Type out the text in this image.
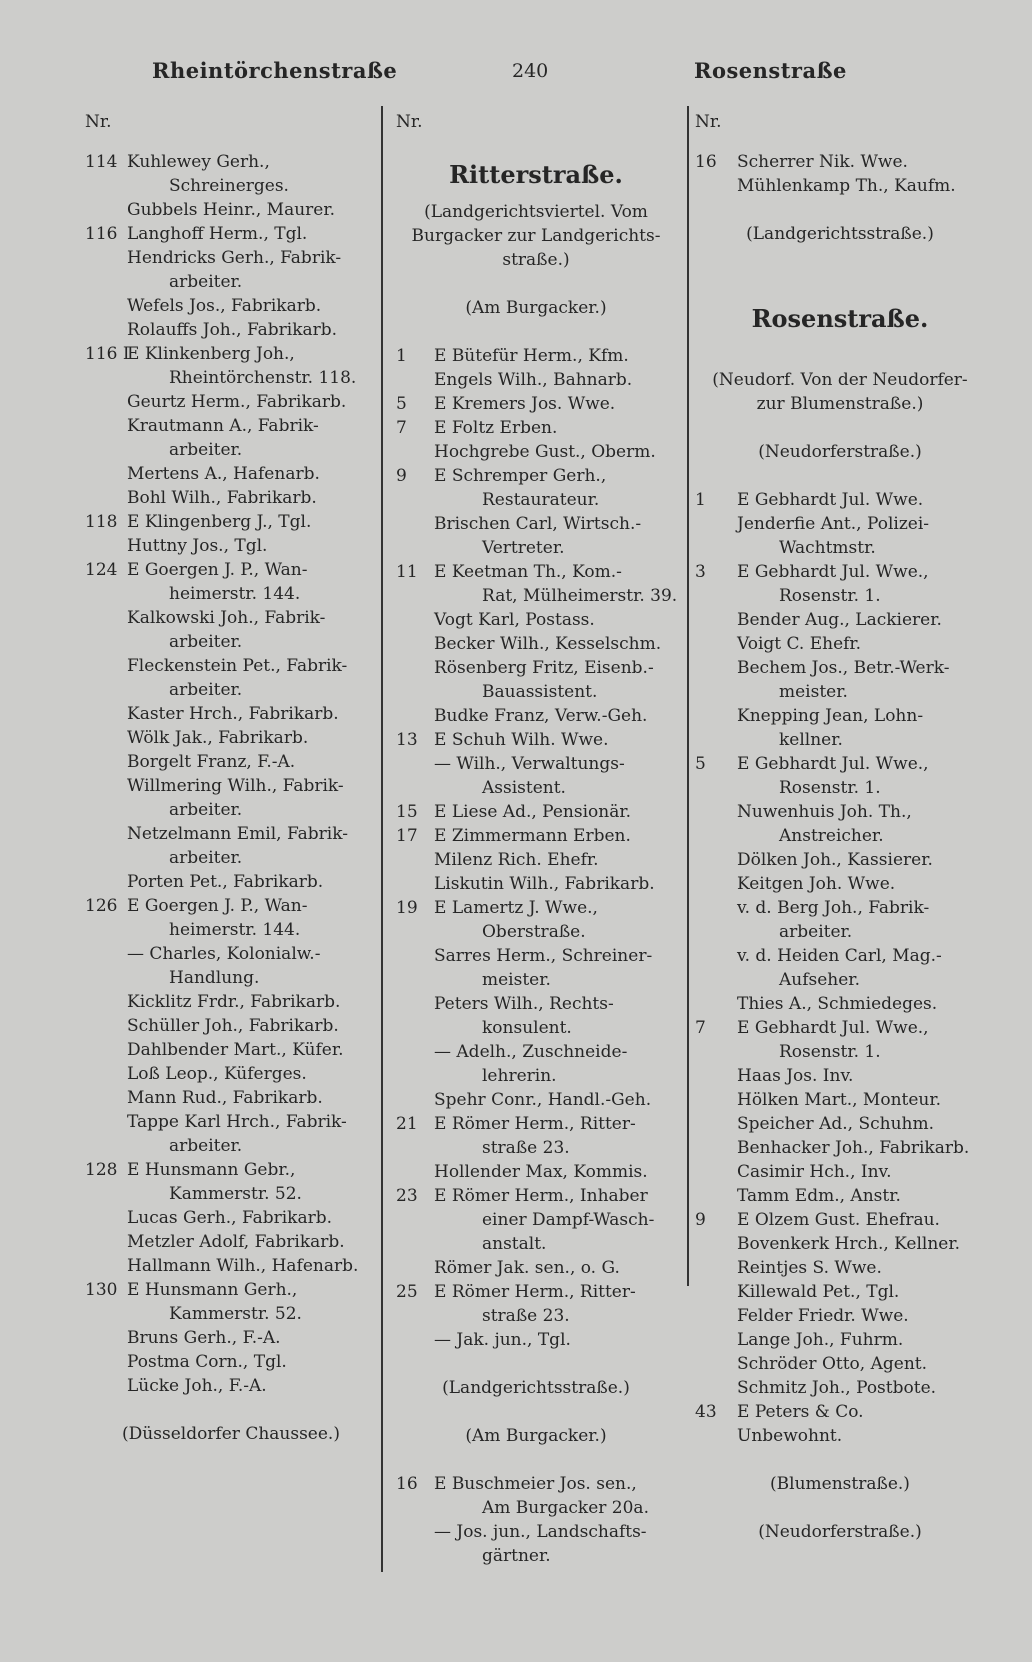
Rheintörchenstraße	240	Rosenstraße
Nr.
114 Kuhlewey Gerh.,
Schreinerges.
Gubbels Heinr., Maurer.
116 Langhoff Herm., Tgl.
Hendricks Gerh., Fabrik-
arbeiter.
Wefels Jos., Fabrikarb.
Rolauffs Joh., Fabrikarb.
116 I
E Klinkenberg Joh.,
Rheintörchenstr. 118.
Geurtz Herm., Fabrikarb.
Krautmann A., Fabrik-
arbeiter.
Mertens A., Hafenarb.
Bohl Wilh., Fabrikarb.
118 E Klingenberg J., Tgl.
Huttny Jos., Tgl.
124 E Goergen J. P., Wan-
heimerstr. 144.
Kalkowski Joh., Fabrik-
arbeiter.
Fleckenstein Pet., Fabrik-
arbeiter.
Kaster Hrch., Fabrikarb.
Wölk Jak., Fabrikarb.
Borgelt Franz, F.-A.
Willmering Wilh., Fabrik-
arbeiter.
Netzelmann Emil, Fabrik-
arbeiter.
Porten Pet., Fabrikarb.
126 E Goergen J. P., Wan-
heimerstr. 144.
— Charles, Kolonialw.-
Handlung.
Kicklitz Frdr., Fabrikarb.
Schüller Joh., Fabrikarb.
Dahlbender Mart., Küfer.
Loß Leop., Küferges.
Mann Rud., Fabrikarb.
Tappe Karl Hrch., Fabrik-
arbeiter.
128 E Hunsmann Gebr.,
Kammerstr. 52.
Lucas Gerh., Fabrikarb.
Metzler Adolf, Fabrikarb.
Hallmann Wilh., Hafenarb.
130 E Hunsmann Gerh.,
Kammerstr. 52.
Bruns Gerh., F.-A.
Postma Corn., Tgl.
Lücke Joh., F.-A.
(Düsseldorfer Chaussee.)
Nr.
Ritterstraße.
(Landgerichtsviertel. Vom
Burgacker zur Landgerichts-
straße.)
(Am Burgacker.)
1 E Bütefür Herm., Kfm.
Engels Wilh., Bahnarb.
5 E Kremers Jos. Wwe.
7 E Foltz Erben.
Hochgrebe Gust., Oberm.
9 E Schremper Gerh.,
Restaurateur.
Brischen Carl, Wirtsch.-
Vertreter.
11 E Keetman Th., Kom.-
Rat, Mülheimerstr. 39.
Vogt Karl, Postass.
Becker Wilh., Kesselschm.
Rösenberg Fritz, Eisenb.-
Bauassistent.
Budke Franz, Verw.-Geh.
13 E Schuh Wilh. Wwe.
— Wilh., Verwaltungs-
Assistent.
15 E Liese Ad., Pensionär.
17 E Zimmermann Erben.
Milenz Rich. Ehefr.
Liskutin Wilh., Fabrikarb.
19 E Lamertz J. Wwe.,
Oberstraße.
Sarres Herm., Schreiner-
meister.
Peters Wilh., Rechts-
konsulent.
— Adelh., Zuschneide-
lehrerin.
Spehr Conr., Handl.-Geh.
21 E Römer Herm., Ritter-
straße 23.
Hollender Max, Kommis.
23 E Römer Herm., Inhaber
einer Dampf-Wasch-
anstalt.
Römer Jak. sen., o. G.
25 E Römer Herm., Ritter-
straße 23.
— Jak. jun., Tgl.
(Landgerichtsstraße.)
(Am Burgacker.)
16 E Buschmeier Jos. sen.,
Am Burgacker 20a.
— Jos. jun., Landschafts-
gärtner.
Nr.
16 Scherrer Nik. Wwe.
Mühlenkamp Th., Kaufm.
(Landgerichtsstraße.)
Rosenstraße.
(Neudorf. Von der Neudorfer-
zur Blumenstraße.)
(Neudorferstraße.)
1 E Gebhardt Jul. Wwe.
Jenderfie Ant., Polizei-
Wachtmstr.
3 E Gebhardt Jul. Wwe.,
Rosenstr. 1.
Bender Aug., Lackierer.
Voigt C. Ehefr.
Bechem Jos., Betr.-Werk-
meister.
Knepping Jean, Lohn-
kellner.
5 E Gebhardt Jul. Wwe.,
Rosenstr. 1.
Nuwenhuis Joh. Th.,
Anstreicher.
Dölken Joh., Kassierer.
Keitgen Joh. Wwe.
v. d. Berg Joh., Fabrik-
arbeiter.
v. d. Heiden Carl, Mag.-
Aufseher.
Thies A., Schmiedeges.
7 E Gebhardt Jul. Wwe.,
Rosenstr. 1.
Haas Jos. Inv.
Hölken Mart., Monteur.
Speicher Ad., Schuhm.
Benhacker Joh., Fabrikarb.
Casimir Hch., Inv.
Tamm Edm., Anstr.
9 E Olzem Gust. Ehefrau.
Bovenkerk Hrch., Kellner.
Reintjes S. Wwe.
Killewald Pet., Tgl.
Felder Friedr. Wwe.
Lange Joh., Fuhrm.
Schröder Otto, Agent.
Schmitz Joh., Postbote.
43 E Peters & Co.
Unbewohnt.
(Blumenstraße.)
(Neudorferstraße.)
